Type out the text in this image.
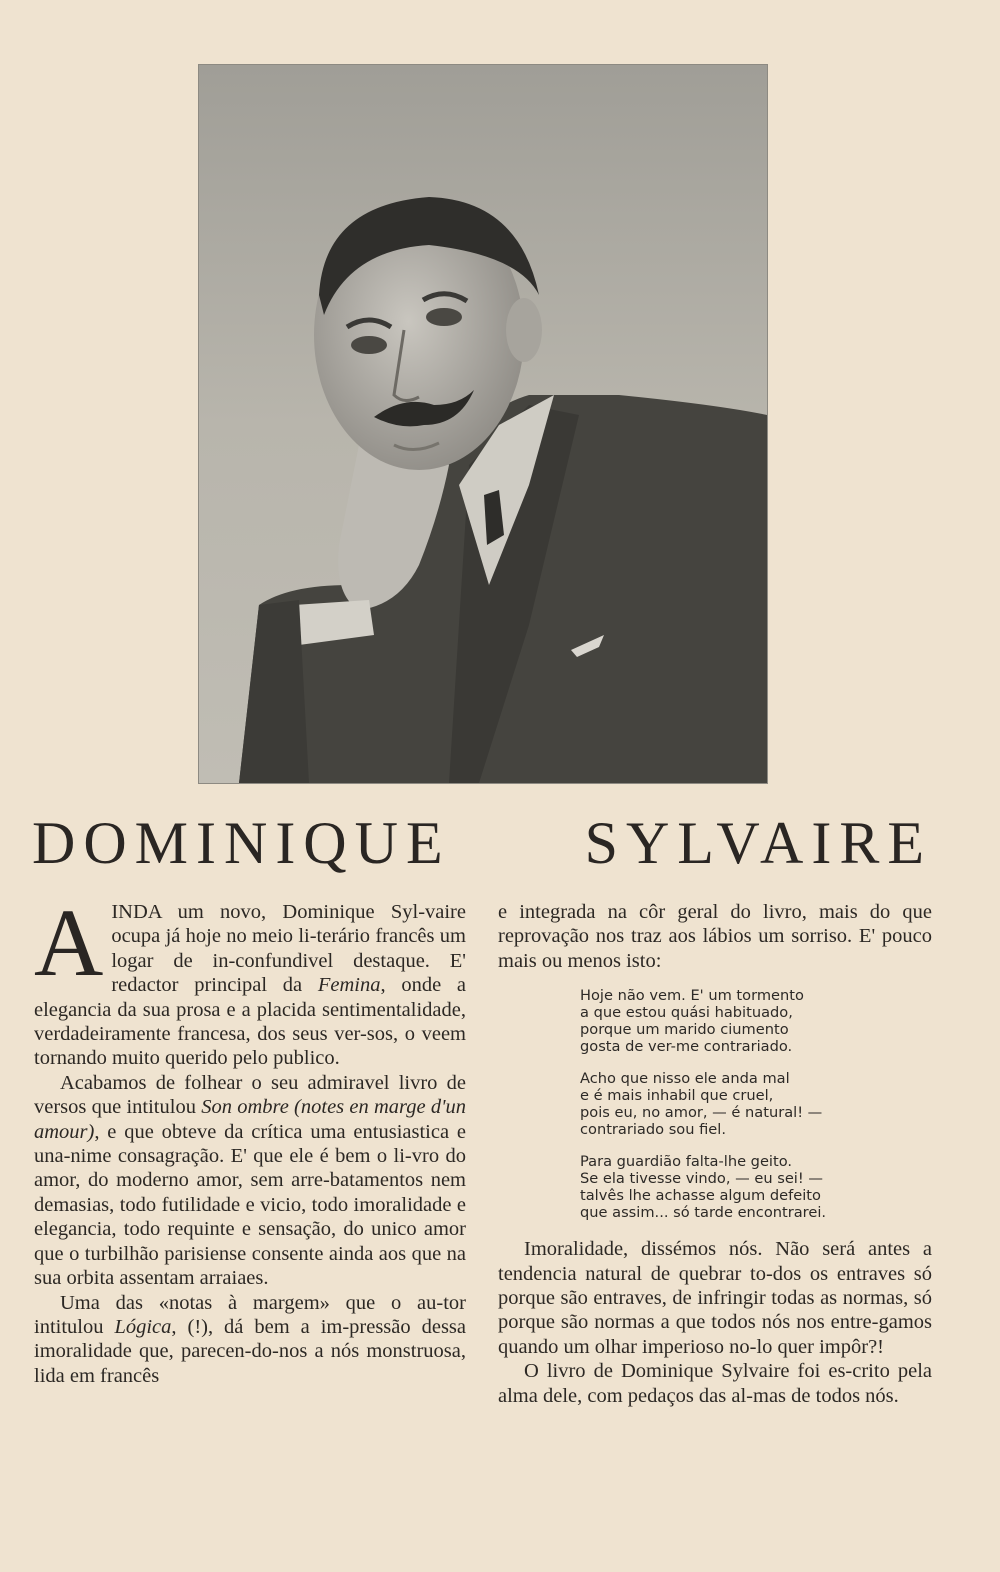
DOMINIQUE SYLVAIRE

AINDA um novo, Dominique Syl-vaire ocupa já hoje no meio li-terário francês um logar de in-confundivel destaque. E' redactor principal da Femina, onde a elegancia da sua prosa e a placida sentimentalidade, verdadeiramente francesa, dos seus ver-sos, o veem tornando muito querido pelo publico.

Acabamos de folhear o seu admiravel livro de versos que intitulou Son ombre (notes en marge d'un amour), e que obteve da crítica uma entusiastica e una-nime consagração. E' que ele é bem o li-vro do amor, do moderno amor, sem arre-batamentos nem demasias, todo futilidade e vicio, todo imoralidade e elegancia, todo requinte e sensação, do unico amor que o turbilhão parisiense consente ainda aos que na sua orbita assentam arraiaes.

Uma das «notas à margem» que o au-tor intitulou Lógica, (!), dá bem a im-pressão dessa imoralidade que, parecen-do-nos a nós monstruosa, lida em francês

e integrada na côr geral do livro, mais do que reprovação nos traz aos lábios um sorriso. E' pouco mais ou menos isto:

Hoje não vem. E' um tormento
a que estou quási habituado,
porque um marido ciumento
gosta de ver-me contrariado.
Acho que nisso ele anda mal
e é mais inhabil que cruel,
pois eu, no amor, — é natural! —
contrariado sou fiel.
Para guardião falta-lhe geito.
Se ela tivesse vindo, — eu sei! —
talvês lhe achasse algum defeito
que assim... só tarde encontrarei.

Imoralidade, dissémos nós. Não será antes a tendencia natural de quebrar to-dos os entraves só porque são entraves, de infringir todas as normas, só porque são normas a que todos nós nos entre-gamos quando um olhar imperioso no-lo quer impôr?!

O livro de Dominique Sylvaire foi es-crito pela alma dele, com pedaços das al-mas de todos nós.
